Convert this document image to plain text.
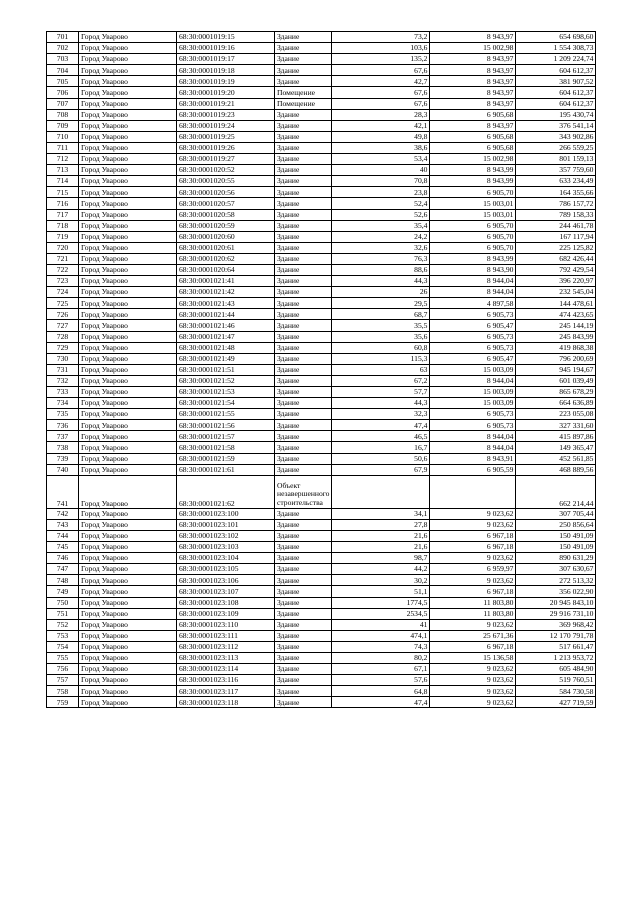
701	Город Уварово	68:30:0001019:15	Здание	73,2	8 943,97	654 698,60
702	Город Уварово	68:30:0001019:16	Здание	103,6	15 002,98	1 554 308,73
703	Город Уварово	68:30:0001019:17	Здание	135,2	8 943,97	1 209 224,74
704	Город Уварово	68:30:0001019:18	Здание	67,6	8 943,97	604 612,37
705	Город Уварово	68:30:0001019:19	Здание	42,7	8 943,97	381 907,52
706	Город Уварово	68:30:0001019:20	Помещение	67,6	8 943,97	604 612,37
707	Город Уварово	68:30:0001019:21	Помещение	67,6	8 943,97	604 612,37
708	Город Уварово	68:30:0001019:23	Здание	28,3	6 905,68	195 430,74
709	Город Уварово	68:30:0001019:24	Здание	42,1	8 943,97	376 541,14
710	Город Уварово	68:30:0001019:25	Здание	49,8	6 905,68	343 902,86
711	Город Уварово	68:30:0001019:26	Здание	38,6	6 905,68	266 559,25
712	Город Уварово	68:30:0001019:27	Здание	53,4	15 002,98	801 159,13
713	Город Уварово	68:30:0001020:52	Здание	40	8 943,99	357 759,60
714	Город Уварово	68:30:0001020:55	Здание	70,8	8 943,99	633 234,49
715	Город Уварово	68:30:0001020:56	Здание	23,8	6 905,70	164 355,66
716	Город Уварово	68:30:0001020:57	Здание	52,4	15 003,01	786 157,72
717	Город Уварово	68:30:0001020:58	Здание	52,6	15 003,01	789 158,33
718	Город Уварово	68:30:0001020:59	Здание	35,4	6 905,70	244 461,78
719	Город Уварово	68:30:0001020:60	Здание	24,2	6 905,70	167 117,94
720	Город Уварово	68:30:0001020:61	Здание	32,6	6 905,70	225 125,82
721	Город Уварово	68:30:0001020:62	Здание	76,3	8 943,99	682 426,44
722	Город Уварово	68:30:0001020:64	Здание	88,6	8 943,90	792 429,54
723	Город Уварово	68:30:0001021:41	Здание	44,3	8 944,04	396 220,97
724	Город Уварово	68:30:0001021:42	Здание	26	8 944,04	232 545,04
725	Город Уварово	68:30:0001021:43	Здание	29,5	4 897,58	144 478,61
726	Город Уварово	68:30:0001021:44	Здание	68,7	6 905,73	474 423,65
727	Город Уварово	68:30:0001021:46	Здание	35,5	6 905,47	245 144,19
728	Город Уварово	68:30:0001021:47	Здание	35,6	6 905,73	245 843,99
729	Город Уварово	68:30:0001021:48	Здание	60,8	6 905,73	419 868,38
730	Город Уварово	68:30:0001021:49	Здание	115,3	6 905,47	796 200,69
731	Город Уварово	68:30:0001021:51	Здание	63	15 003,09	945 194,67
732	Город Уварово	68:30:0001021:52	Здание	67,2	8 944,04	601 039,49
733	Город Уварово	68:30:0001021:53	Здание	57,7	15 003,09	865 678,29
734	Город Уварово	68:30:0001021:54	Здание	44,3	15 003,09	664 636,89
735	Город Уварово	68:30:0001021:55	Здание	32,3	6 905,73	223 055,08
736	Город Уварово	68:30:0001021:56	Здание	47,4	6 905,73	327 331,60
737	Город Уварово	68:30:0001021:57	Здание	46,5	8 944,04	415 897,86
738	Город Уварово	68:30:0001021:58	Здание	16,7	8 944,04	149 365,47
739	Город Уварово	68:30:0001021:59	Здание	50,6	8 943,91	452 561,85
740	Город Уварово	68:30:0001021:61	Здание	67,9	6 905,59	468 889,56
741	Город Уварово	68:30:0001021:62	Объект незавершенного строительства			662 214,44
742	Город Уварово	68:30:0001023:100	Здание	34,1	9 023,62	307 705,44
743	Город Уварово	68:30:0001023:101	Здание	27,8	9 023,62	250 856,64
744	Город Уварово	68:30:0001023:102	Здание	21,6	6 967,18	150 491,09
745	Город Уварово	68:30:0001023:103	Здание	21,6	6 967,18	150 491,09
746	Город Уварово	68:30:0001023:104	Здание	98,7	9 023,62	890 631,29
747	Город Уварово	68:30:0001023:105	Здание	44,2	6 959,97	307 630,67
748	Город Уварово	68:30:0001023:106	Здание	30,2	9 023,62	272 513,32
749	Город Уварово	68:30:0001023:107	Здание	51,1	6 967,18	356 022,90
750	Город Уварово	68:30:0001023:108	Здание	1774,5	11 803,80	20 945 843,10
751	Город Уварово	68:30:0001023:109	Здание	2534,5	11 803,80	29 916 731,10
752	Город Уварово	68:30:0001023:110	Здание	41	9 023,62	369 968,42
753	Город Уварово	68:30:0001023:111	Здание	474,1	25 671,36	12 170 791,78
754	Город Уварово	68:30:0001023:112	Здание	74,3	6 967,18	517 661,47
755	Город Уварово	68:30:0001023:113	Здание	80,2	15 136,58	1 213 953,72
756	Город Уварово	68:30:0001023:114	Здание	67,1	9 023,62	605 484,90
757	Город Уварово	68:30:0001023:116	Здание	57,6	9 023,62	519 760,51
758	Город Уварово	68:30:0001023:117	Здание	64,8	9 023,62	584 730,58
759	Город Уварово	68:30:0001023:118	Здание	47,4	9 023,62	427 719,59
